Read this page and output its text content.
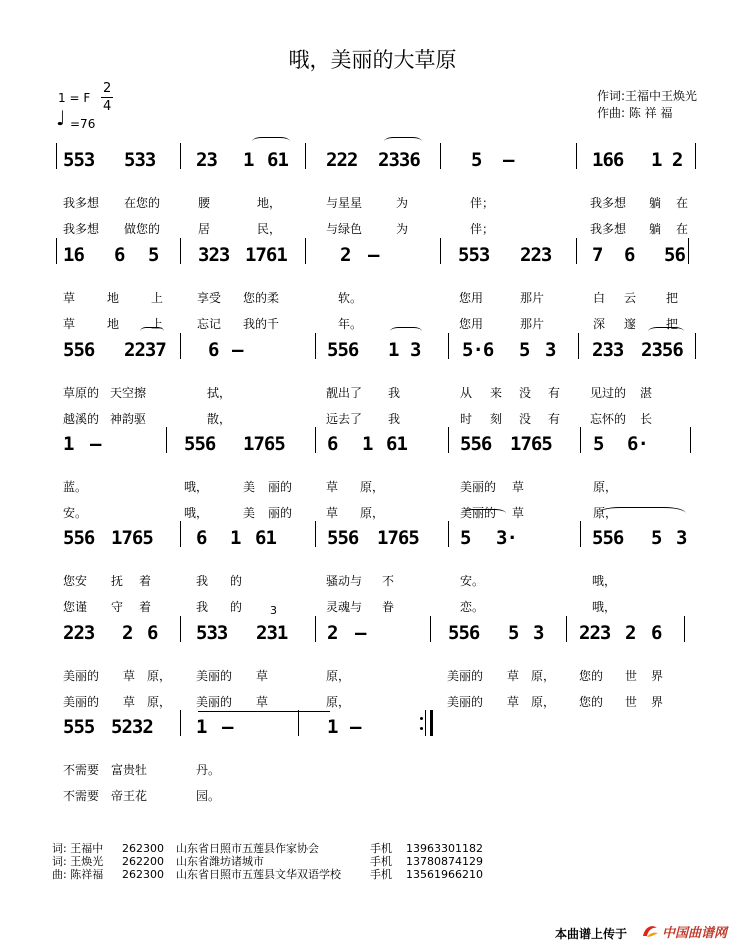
哦，美丽的大草原
1 = F
2
4
♩ =76
作词:王福中王焕光
作曲: 陈 祥 福
553 533 23 1 61 222 2336	5 –	166 1 2
我多想 在您的	腰	地，	与星星	为	伴；	我多想 躺 在
我多想 做您的	居	民，	与绿色	为	伴；	我多想 躺 在
16 6 5 323 1761	2 –	553 223 7 6 56
草	地	上	享受 您的柔	软。	您用	那片	白 云 把
草	地	上	忘记 我的千	年。	您用	那片	深 邃 把
556 2237 6 –	556 1 3 5·6 5 3 233 2356
草原的 天空擦	拭，	靓出了 我	从 来 没 有 见过的 湛
越溪的 神韵驱	散，	远去了 我	时 刻 没 有 忘怀的 长
1 –	556 1765 6 1 61	556 1765 5 6·
蓝。	哦，	美 丽的	草 原，	美丽的 草	原，
安。	哦，	美 丽的	草 原，	美丽的 草	原，
556 1765 6 1 61	556 1765 5 3·	556 5 3
您安 抚 着	我 的	骚动与 不	安。	哦，
您谨 守 着	我 的	灵魂与 眷	恋。	哦，
223 2 6 533 231
3
2 –	556 5 3 223 2 6
美丽的 草 原， 美丽的 草	原，	美丽的 草 原， 您的 世 界
美丽的 草 原， 美丽的 草	原，	美丽的 草 原， 您的 世 界
555 5232 1 –	1 –
不需要 富贵牡	丹。
不需要 帝王花	园。
词: 王福中 262300 山东省日照市五莲县作家协会	手机 13963301182
词: 王焕光 262200 山东省潍坊诸城市	手机 13780874129
曲: 陈祥福 262300 山东省日照市五莲县文华双语学校	手机 13561966210
本曲谱上传于	中国曲谱网
